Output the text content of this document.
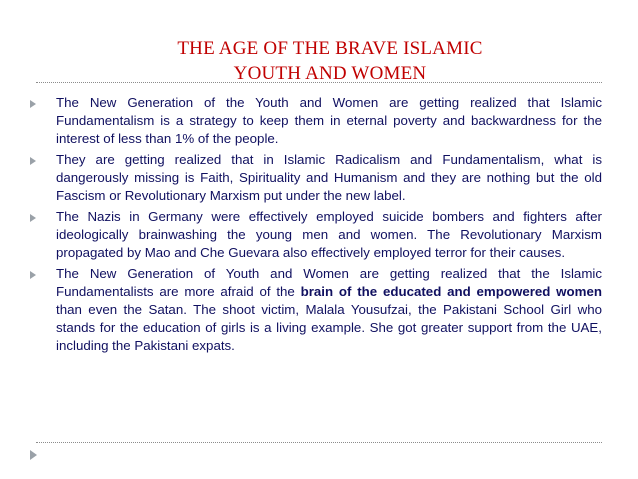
THE AGE OF THE BRAVE ISLAMIC
YOUTH AND WOMEN
The New Generation of the Youth and Women are getting realized that Islamic Fundamentalism is a strategy to keep them in eternal poverty and backwardness for the interest of less than 1% of the people.
They are getting realized that in Islamic Radicalism and Fundamentalism, what is dangerously missing is Faith, Spirituality and Humanism and they are nothing but the old Fascism or Revolutionary Marxism put under the new label.
The Nazis in Germany were effectively employed suicide bombers and fighters after ideologically brainwashing the young men and women. The Revolutionary Marxism propagated by Mao and Che Guevara also effectively employed terror for their causes.
The New Generation of Youth and Women are getting realized that the Islamic Fundamentalists are more afraid of the brain of the educated and empowered women than even the Satan. The shoot victim, Malala Yousufzai, the Pakistani School Girl who stands for the education of girls is a living example. She got greater support from the UAE, including the Pakistani expats.
